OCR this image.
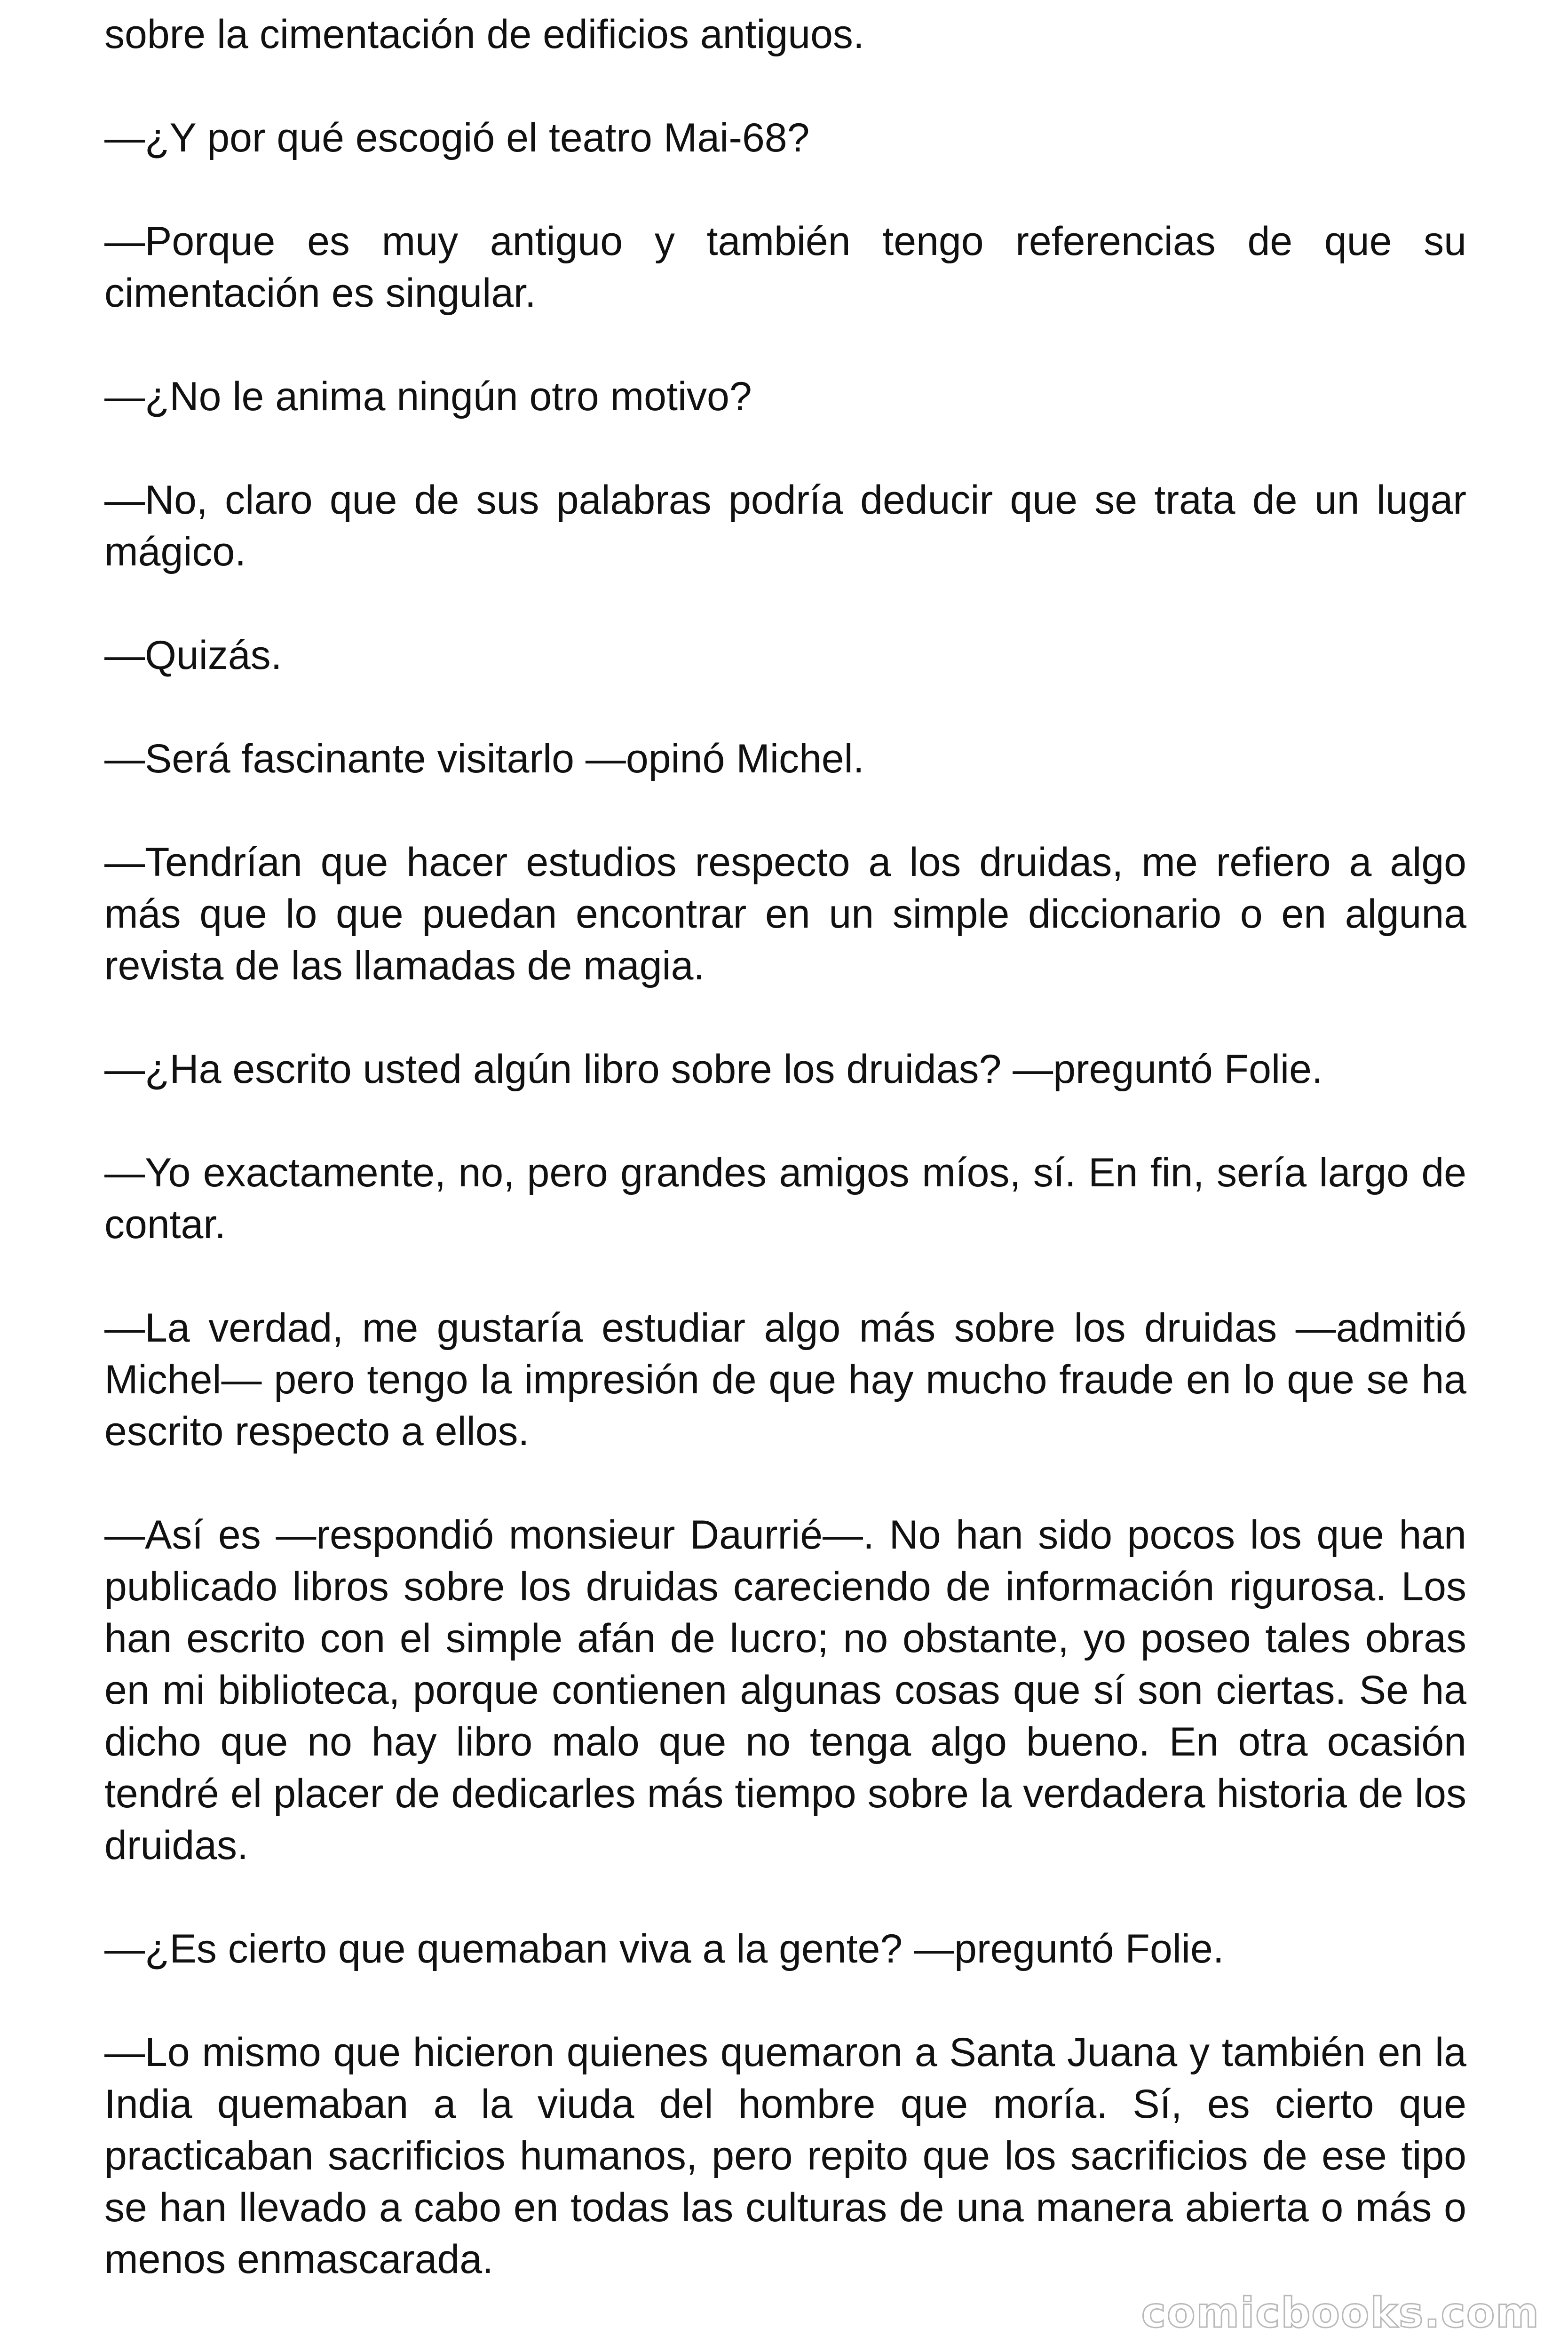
sobre la cimentación de edificios antiguos.

—¿Y por qué escogió el teatro Mai-68?

—Porque es muy antiguo y también tengo referencias de que su cimentación es singular.

—¿No le anima ningún otro motivo?

—No, claro que de sus palabras podría deducir que se trata de un lugar mágico.

—Quizás.

—Será fascinante visitarlo —opinó Michel.

—Tendrían que hacer estudios respecto a los druidas, me refiero a algo más que lo que puedan encontrar en un simple diccionario o en alguna revista de las llamadas de magia.

—¿Ha escrito usted algún libro sobre los druidas? —preguntó Folie.

—Yo exactamente, no, pero grandes amigos míos, sí. En fin, sería largo de contar.

—La verdad, me gustaría estudiar algo más sobre los druidas —admitió Michel— pero tengo la impresión de que hay mucho fraude en lo que se ha escrito respecto a ellos.

—Así es —respondió monsieur Daurrié—. No han sido pocos los que han publicado libros sobre los druidas careciendo de información rigurosa. Los han escrito con el simple afán de lucro; no obstante, yo poseo tales obras en mi biblioteca, porque contienen algunas cosas que sí son ciertas. Se ha dicho que no hay libro malo que no tenga algo bueno. En otra ocasión tendré el placer de dedicarles más tiempo sobre la verdadera historia de los druidas.

—¿Es cierto que quemaban viva a la gente? —preguntó Folie.

—Lo mismo que hicieron quienes quemaron a Santa Juana y también en la India quemaban a la viuda del hombre que moría. Sí, es cierto que practicaban sacrificios humanos, pero repito que los sacrificios de ese tipo se han llevado a cabo en todas las culturas de una manera abierta o más o menos enmascarada.

comicbooks.com
